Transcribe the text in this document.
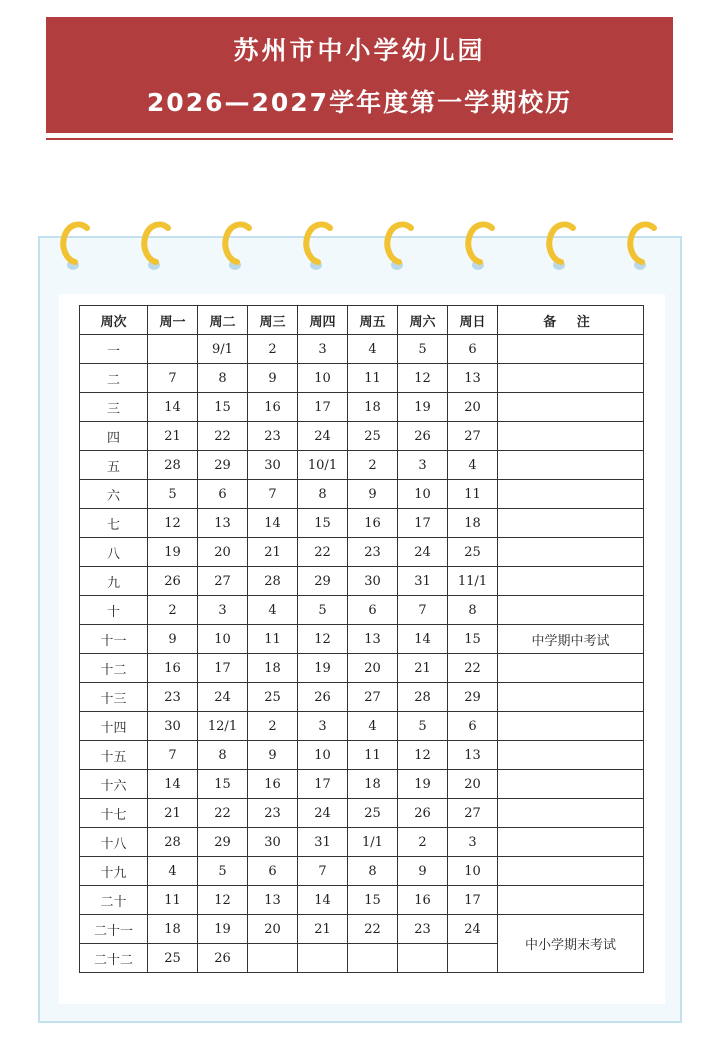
苏州市中小学幼儿园
2026—2027学年度第一学期校历
周次	周一	周二	周三	周四	周五	周六	周日	备 注
一		9/1	2	3	4	5	6	
二	7	8	9	10	11	12	13	
三	14	15	16	17	18	19	20	
四	21	22	23	24	25	26	27	
五	28	29	30	10/1	2	3	4	
六	5	6	7	8	9	10	11	
七	12	13	14	15	16	17	18	
八	19	20	21	22	23	24	25	
九	26	27	28	29	30	31	11/1	
十	2	3	4	5	6	7	8	
十一	9	10	11	12	13	14	15	中学期中考试
十二	16	17	18	19	20	21	22	
十三	23	24	25	26	27	28	29	
十四	30	12/1	2	3	4	5	6	
十五	7	8	9	10	11	12	13	
十六	14	15	16	17	18	19	20	
十七	21	22	23	24	25	26	27	
十八	28	29	30	31	1/1	2	3	
十九	4	5	6	7	8	9	10	
二十	11	12	13	14	15	16	17	
二十一	18	19	20	21	22	23	24	中小学期末考试
二十二	25	26						
